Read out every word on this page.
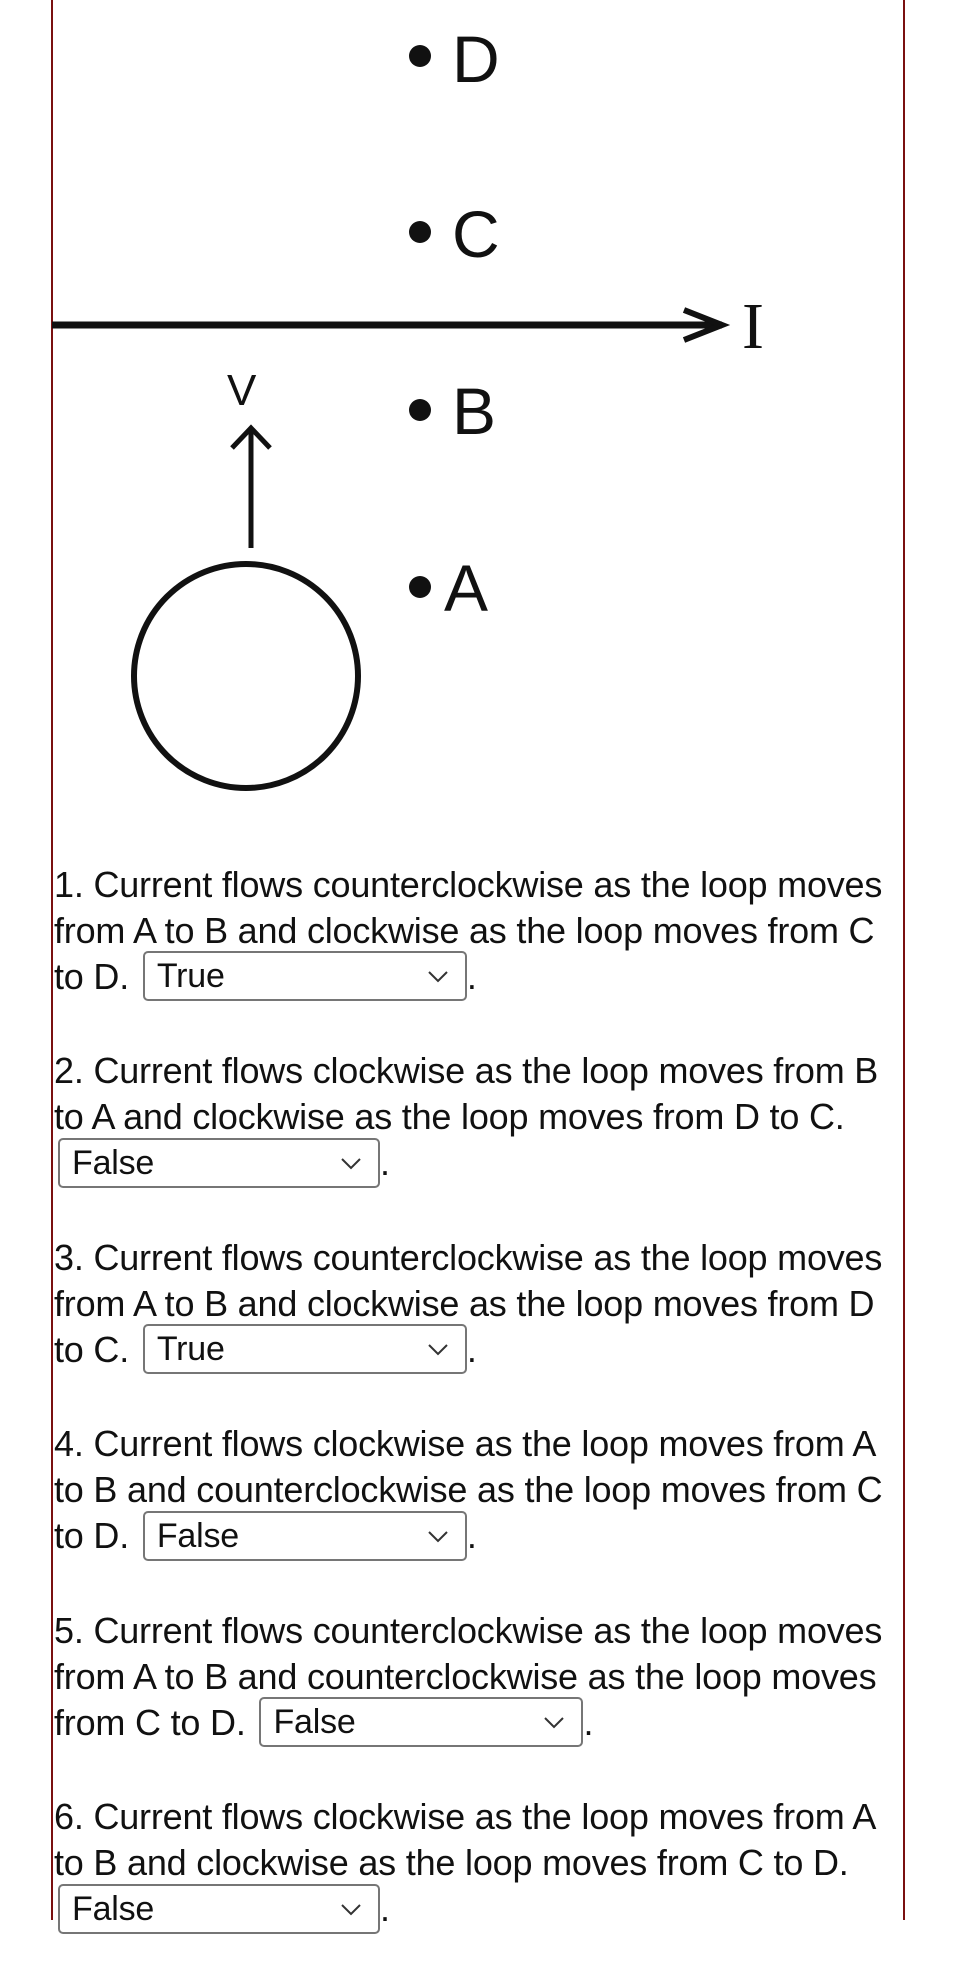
D
C
B
A
I
V
1. Current flows counterclockwise as the loop moves from A to B and clockwise as the loop moves from C to D. True	.
2. Current flows clockwise as the loop moves from B to A and clockwise as the loop moves from D to C.
False	.
3. Current flows counterclockwise as the loop moves from A to B and clockwise as the loop moves from D to C. True	.
4. Current flows clockwise as the loop moves from A to B and counterclockwise as the loop moves from C to D. False	.
5. Current flows counterclockwise as the loop moves from A to B and counterclockwise as the loop moves from C to D. False	.
6. Current flows clockwise as the loop moves from A to B and clockwise as the loop moves from C to D.
False	.
